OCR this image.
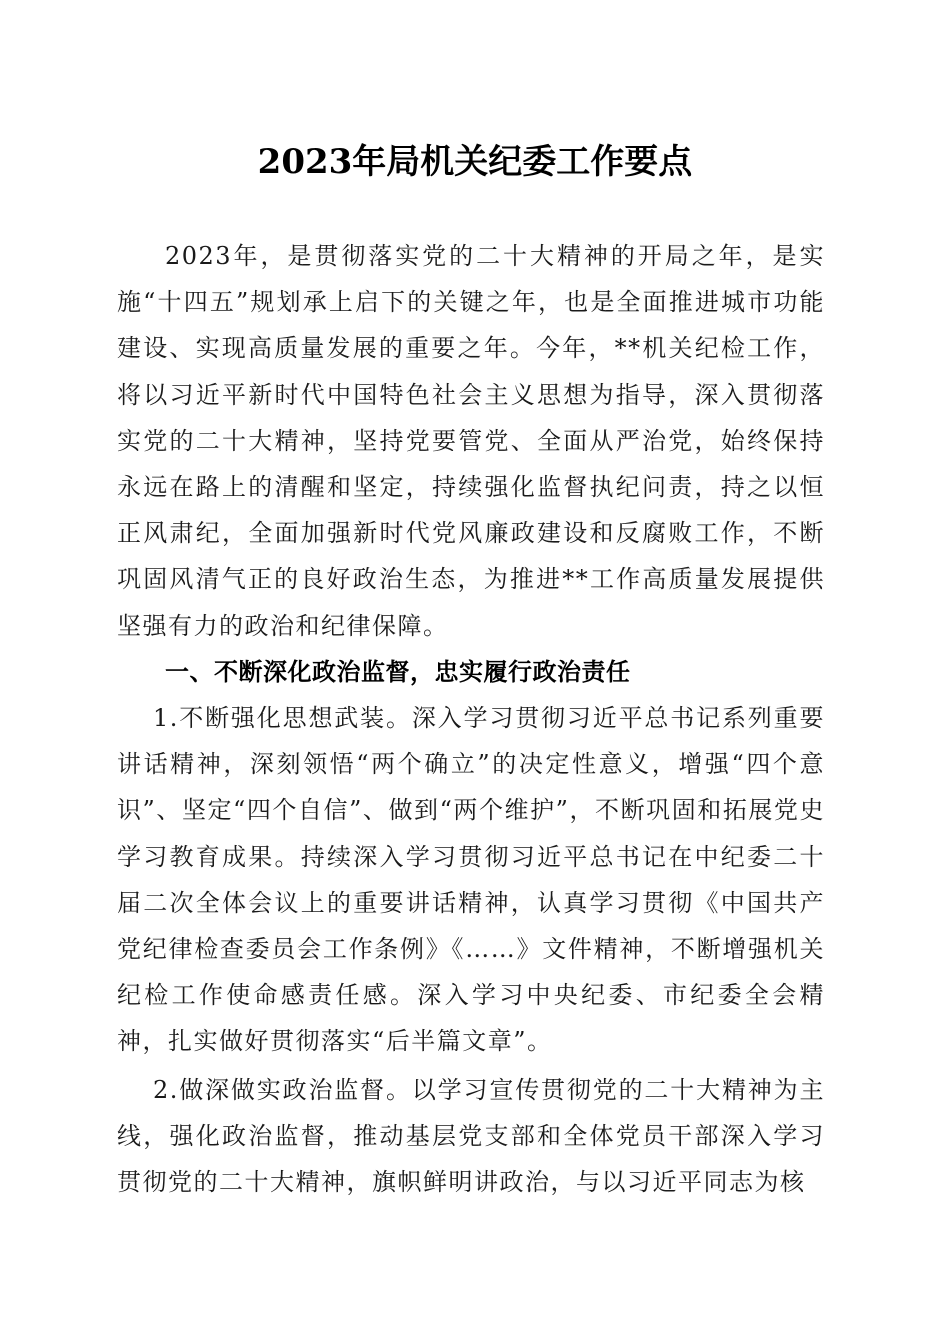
2023年局机关纪委工作要点

2023年，是贯彻落实党的二十大精神的开局之年，是实施“十四五”规划承上启下的关键之年，也是全面推进城市功能建设、实现高质量发展的重要之年。今年，**机关纪检工作，将以习近平新时代中国特色社会主义思想为指导，深入贯彻落实党的二十大精神，坚持党要管党、全面从严治党，始终保持永远在路上的清醒和坚定，持续强化监督执纪问责，持之以恒正风肃纪，全面加强新时代党风廉政建设和反腐败工作，不断巩固风清气正的良好政治生态，为推进**工作高质量发展提供坚强有力的政治和纪律保障。

一、不断深化政治监督，忠实履行政治责任

1.不断强化思想武装。深入学习贯彻习近平总书记系列重要讲话精神，深刻领悟“两个确立”的决定性意义，增强“四个意识”、坚定“四个自信”、做到“两个维护”，不断巩固和拓展党史学习教育成果。持续深入学习贯彻习近平总书记在中纪委二十届二次全体会议上的重要讲话精神，认真学习贯彻《中国共产党纪律检查委员会工作条例》《……》文件精神，不断增强机关纪检工作使命感责任感。深入学习中央纪委、市纪委全会精神，扎实做好贯彻落实“后半篇文章”。

2.做深做实政治监督。以学习宣传贯彻党的二十大精神为主线，强化政治监督，推动基层党支部和全体党员干部深入学习贯彻党的二十大精神，旗帜鲜明讲政治，与以习近平同志为核
